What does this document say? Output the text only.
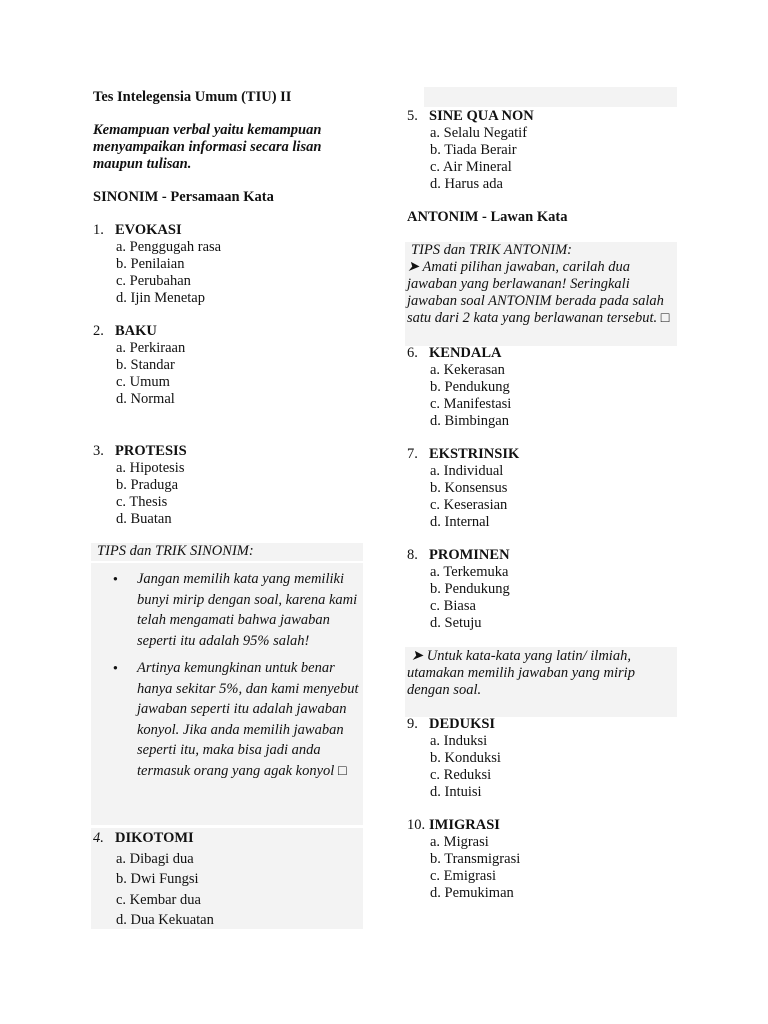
Tes Intelegensia Umum (TIU) II
Kemampuan verbal yaitu kemampuan menyampaikan informasi secara lisan maupun tulisan.
SINONIM - Persamaan Kata
1. EVOKASI
a. Penggugah rasa
b. Penilaian
c. Perubahan
d. Ijin Menetap
2. BAKU
a. Perkiraan
b. Standar
c. Umum
d. Normal
3. PROTESIS
a. Hipotesis
b. Praduga
c. Thesis
d. Buatan
TIPS dan TRIK SINONIM:
● Jangan memilih kata yang memiliki bunyi mirip dengan soal, karena kami telah mengamati bahwa jawaban seperti itu adalah 95% salah!
● Artinya kemungkinan untuk benar hanya sekitar 5%, dan kami menyebut jawaban seperti itu adalah jawaban konyol. Jika anda memilih jawaban seperti itu, maka bisa jadi anda termasuk orang yang agak konyol □
4. DIKOTOMI
a. Dibagi dua
b. Dwi Fungsi
c. Kembar dua
d. Dua Kekuatan
5. SINE QUA NON
a. Selalu Negatif
b. Tiada Berair
c. Air Mineral
d. Harus ada
ANTONIM - Lawan Kata
TIPS dan TRIK ANTONIM:
➤ Amati pilihan jawaban, carilah dua jawaban yang berlawanan! Seringkali jawaban soal ANTONIM berada pada salah satu dari 2 kata yang berlawanan tersebut. □
6. KENDALA
a. Kekerasan
b. Pendukung
c. Manifestasi
d. Bimbingan
7. EKSTRINSIK
a. Individual
b. Konsensus
c. Keserasian
d. Internal
8. PROMINEN
a. Terkemuka
b. Pendukung
c. Biasa
d. Setuju
➤ Untuk kata-kata yang latin/ ilmiah, utamakan memilih jawaban yang mirip dengan soal.
9. DEDUKSI
a. Induksi
b. Konduksi
c. Reduksi
d. Intuisi
10. IMIGRASI
a. Migrasi
b. Transmigrasi
c. Emigrasi
d. Pemukiman
